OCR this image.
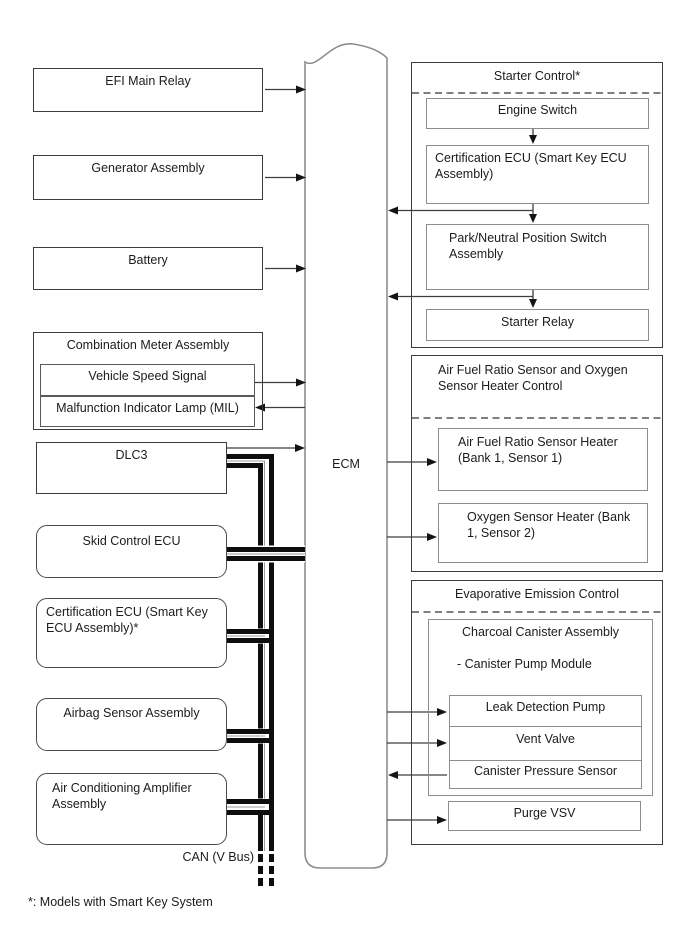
EFI Main Relay
Generator Assembly
Battery
Combination Meter Assembly
Vehicle Speed Signal
Malfunction Indicator Lamp (MIL)
DLC3
Skid Control ECU
Certification ECU (Smart Key ECU Assembly)*
Airbag Sensor Assembly
Air Conditioning Amplifier Assembly
ECM
Starter Control*
Engine Switch
Certification ECU (Smart Key ECU Assembly)
Park/Neutral Position Switch Assembly
Starter Relay
Air Fuel Ratio Sensor and Oxygen Sensor Heater Control
Air Fuel Ratio Sensor Heater (Bank 1, Sensor 1)
Oxygen Sensor Heater (Bank 1, Sensor 2)
Evaporative Emission Control
Charcoal Canister Assembly
- Canister Pump Module
Leak Detection Pump
Vent Valve
Canister Pressure Sensor
Purge VSV
CAN (V Bus)
*: Models with Smart Key System
